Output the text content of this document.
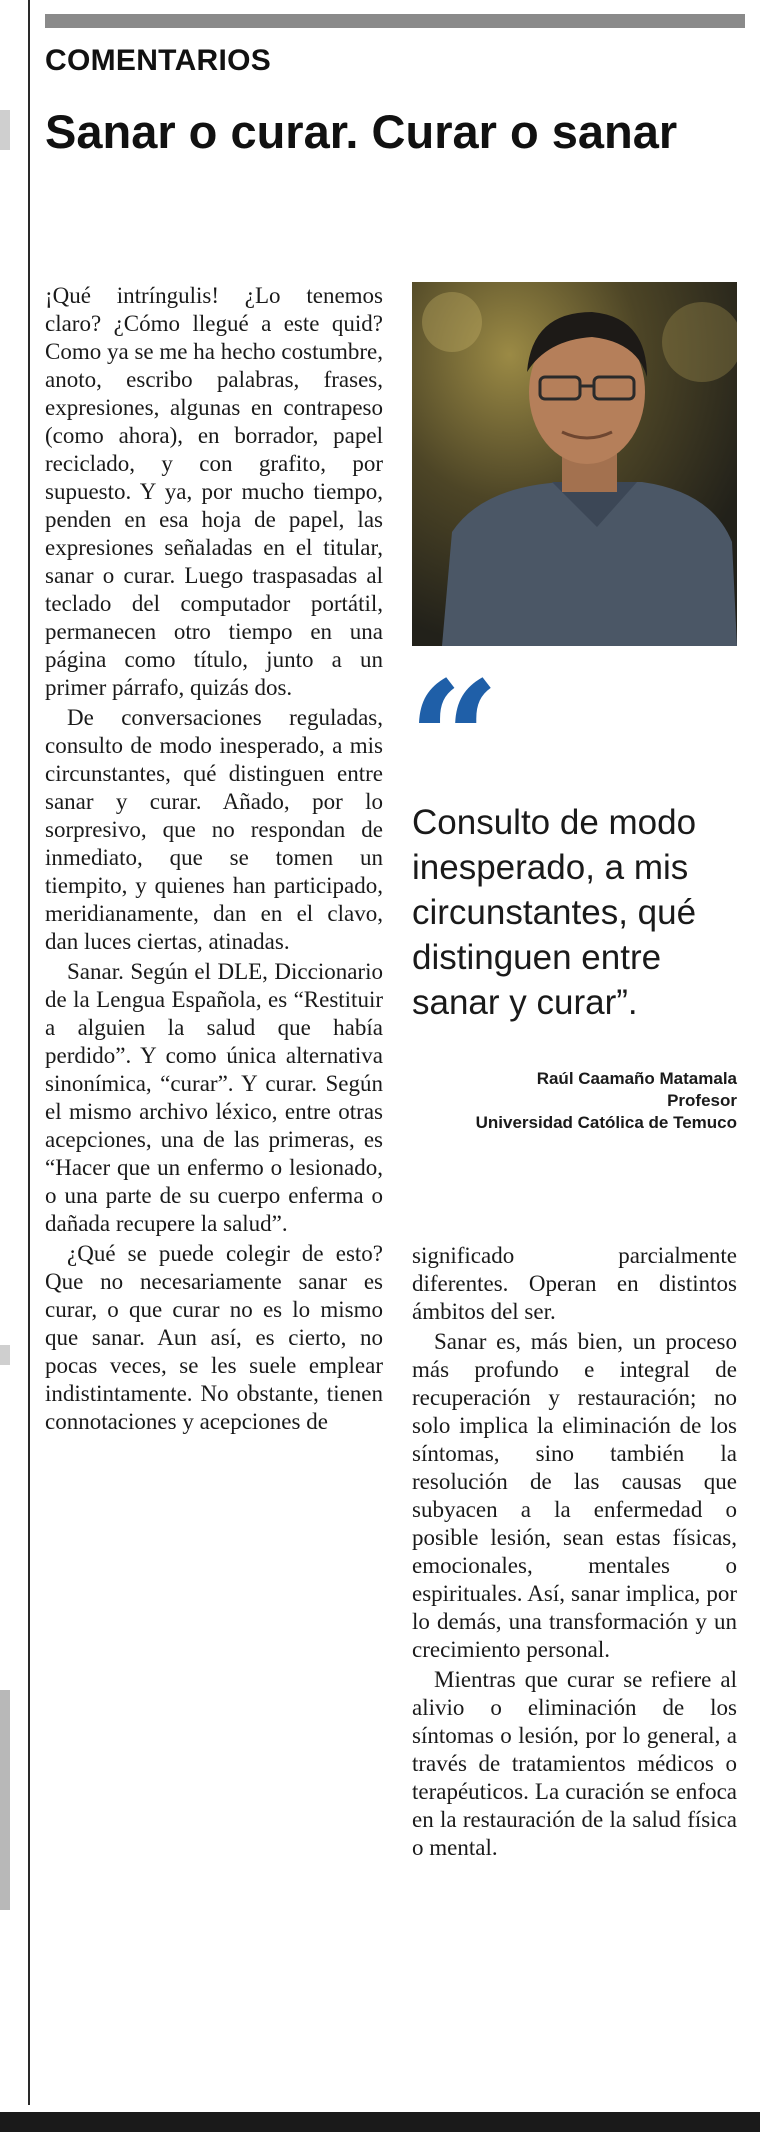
COMENTARIOS
Sanar o curar. Curar o sanar

¡Qué intríngulis! ¿Lo tenemos claro? ¿Cómo llegué a este quid? Como ya se me ha hecho costumbre, anoto, escribo palabras, frases, expresiones, algunas en contrapeso (como ahora), en borrador, papel reciclado, y con grafito, por supuesto. Y ya, por mucho tiempo, penden en esa hoja de papel, las expresiones señaladas en el titular, sanar o curar. Luego traspasadas al teclado del computador portátil, permanecen otro tiempo en una página como título, junto a un primer párrafo, quizás dos.

De conversaciones reguladas, consulto de modo inesperado, a mis circunstantes, qué distinguen entre sanar y curar. Añado, por lo sorpresivo, que no respondan de inmediato, que se tomen un tiempito, y quienes han participado, meridianamente, dan en el clavo, dan luces ciertas, atinadas.

Sanar. Según el DLE, Diccionario de la Lengua Española, es “Restituir a alguien la salud que había perdido”. Y como única alternativa sinonímica, “curar”. Y curar. Según el mismo archivo léxico, entre otras acepciones, una de las primeras, es “Hacer que un enfermo o lesionado, o una parte de su cuerpo enferma o dañada recupere la salud”.

¿Qué se puede colegir de esto? Que no necesariamente sanar es curar, o que curar no es lo mismo que sanar. Aun así, es cierto, no pocas veces, se les suele emplear indistintamente. No obstante, tienen connotaciones y acepciones de

“
Consulto de modo inesperado, a mis circunstantes, qué distinguen entre sanar y curar”.
Raúl Caamaño Matamala
Profesor
Universidad Católica de Temuco

significado parcialmente diferentes. Operan en distintos ámbitos del ser.

Sanar es, más bien, un proceso más profundo e integral de recuperación y restauración; no solo implica la eliminación de los síntomas, sino también la resolución de las causas que subyacen a la enfermedad o posible lesión, sean estas físicas, emocionales, mentales o espirituales. Así, sanar implica, por lo demás, una transformación y un crecimiento personal.

Mientras que curar se refiere al alivio o eliminación de los síntomas o lesión, por lo general, a través de tratamientos médicos o terapéuticos. La curación se enfoca en la restauración de la salud física o mental.
